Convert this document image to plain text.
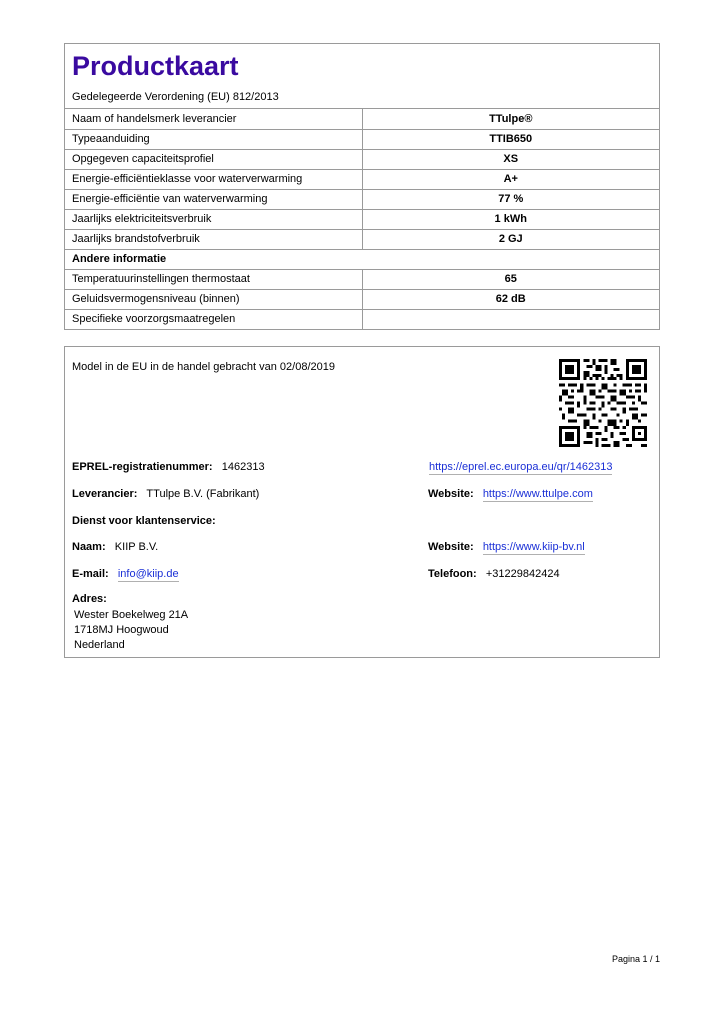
Productkaart
Gedelegeerde Verordening (EU) 812/2013
Naam of handelsmerk leverancier	TTulpe®
Typeaanduiding	TTIB650
Opgegeven capaciteitsprofiel	XS
Energie-efficiëntieklasse voor waterverwarming	A+
Energie-efficiëntie van waterverwarming	77 %
Jaarlijks elektriciteitsverbruik	1 kWh
Jaarlijks brandstofverbruik	2 GJ
Andere informatie	
Temperatuurinstellingen thermostaat	65
Geluidsvermogensniveau (binnen)	62 dB
Specifieke voorzorgsmaatregelen	
Model in de EU in de handel gebracht van 02/08/2019
EPREL-registratienummer: 1462313	https://eprel.ec.europa.eu/qr/1462313
Leverancier: TTulpe B.V. (Fabrikant)	Website: https://www.ttulpe.com
Dienst voor klantenservice:
Naam: KIIP B.V.	Website: https://www.kiip-bv.nl
E-mail: info@kiip.de	Telefoon: +31229842424
Adres:
Wester Boekelweg 21A
1718MJ Hoogwoud
Nederland
Pagina 1 / 1
